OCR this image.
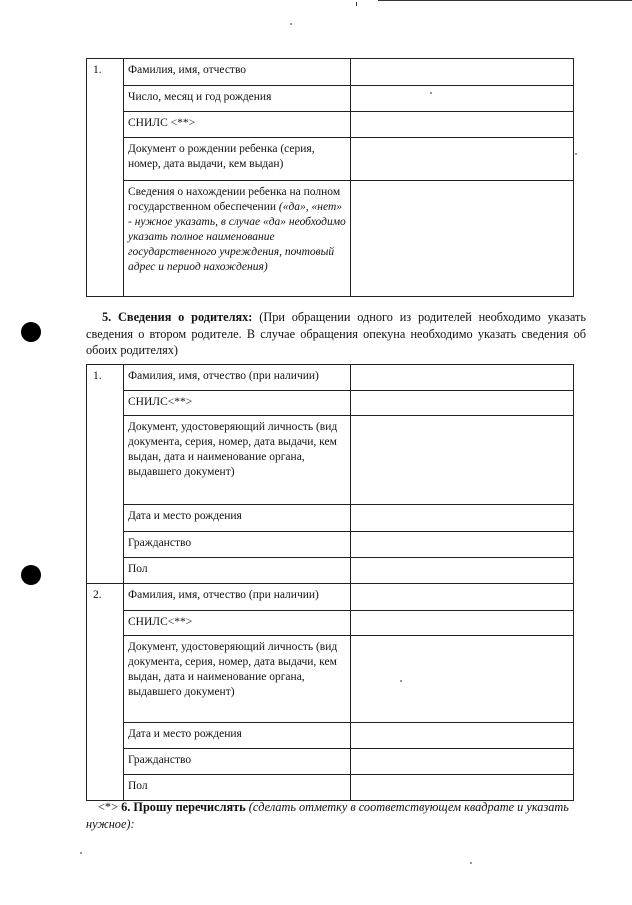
1.	Фамилия, имя, отчество	
	Число, месяц и год рождения	
	СНИЛС <**>	
	Документ о рождении ребенка (серия, номер, дата выдачи, кем выдан)	
	Сведения о нахождении ребенка на полном государственном обеспечении («да», «нет» - нужное указать, в случае «да» необходимо указать полное наименование государственного учреждения, почтовый адрес и период нахождения)	
5. Сведения о родителях: (При обращении одного из родителей необходимо указать сведения о втором родителе. В случае обращения опекуна необходимо указать сведения об обоих родителях)
1.	Фамилия, имя, отчество (при наличии)	
	СНИЛС<**>	
	Документ, удостоверяющий личность (вид документа, серия, номер, дата выдачи, кем выдан, дата и наименование органа, выдавшего документ)	
	Дата и место рождения	
	Гражданство	
	Пол	
2.	Фамилия, имя, отчество (при наличии)	
	СНИЛС<**>	
	Документ, удостоверяющий личность (вид документа, серия, номер, дата выдачи, кем выдан, дата и наименование органа, выдавшего документ)	
	Дата и место рождения	
	Гражданство	
	Пол	
<*> 6. Прошу перечислять (сделать отметку в соответствующем квадрате и указать нужное):
